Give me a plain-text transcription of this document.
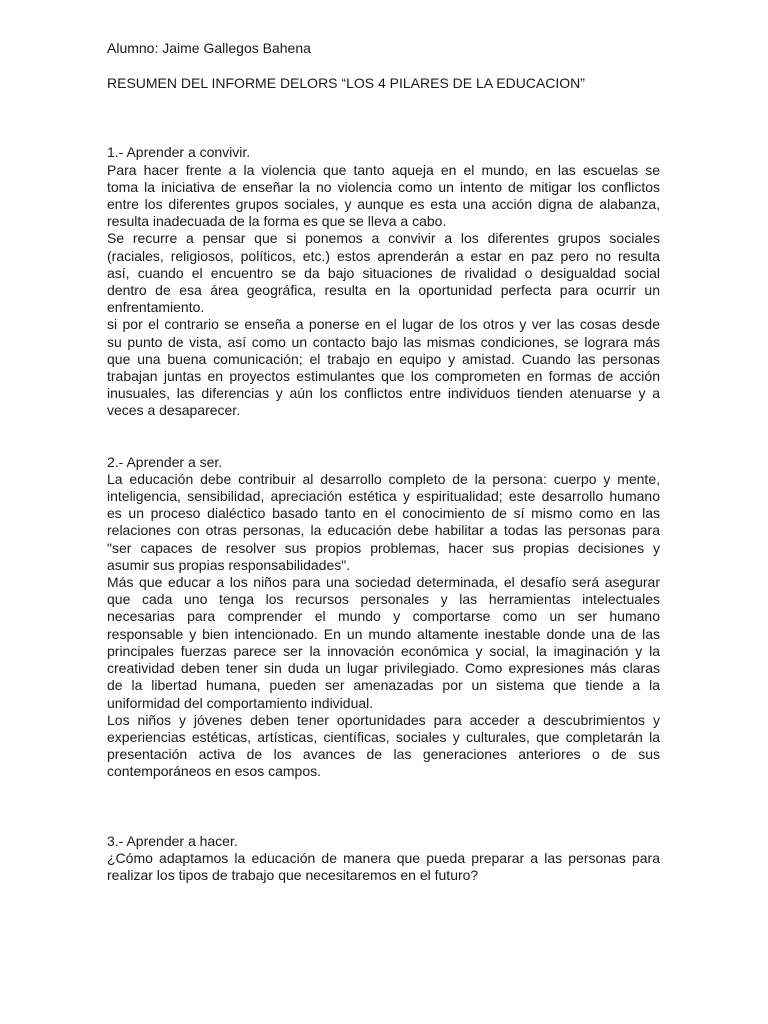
Alumno: Jaime Gallegos Bahena
RESUMEN DEL INFORME DELORS “LOS 4 PILARES DE LA EDUCACION”
1.- Aprender a convivir.
Para hacer frente a la violencia que tanto aqueja en el mundo, en las escuelas se
toma la iniciativa de enseñar la no violencia como un intento de mitigar los conflictos
entre los diferentes grupos sociales, y aunque es esta una acción digna de alabanza,
resulta inadecuada de la forma es que se lleva a cabo.
Se recurre a pensar que si ponemos a convivir a los diferentes grupos sociales
(raciales, religiosos, políticos, etc.) estos aprenderán a estar en paz pero no resulta
así, cuando el encuentro se da bajo situaciones de rivalidad o desigualdad social
dentro de esa área geográfica, resulta en la oportunidad perfecta para ocurrir un
enfrentamiento.
si por el contrario se enseña a ponerse en el lugar de los otros y ver las cosas desde
su punto de vista, así como un contacto bajo las mismas condiciones, se lograra más
que una buena comunicación; el trabajo en equipo y amistad. Cuando las personas
trabajan juntas en proyectos estimulantes que los comprometen en formas de acción
inusuales, las diferencias y aún los conflictos entre individuos tienden atenuarse y a
veces a desaparecer.
2.- Aprender a ser.
La educación debe contribuir al desarrollo completo de la persona: cuerpo y mente,
inteligencia, sensibilidad, apreciación estética y espiritualidad; este desarrollo humano
es un proceso dialéctico basado tanto en el conocimiento de sí mismo como en las
relaciones con otras personas, la educación debe habilitar a todas las personas para
"ser capaces de resolver sus propios problemas, hacer sus propias decisiones y
asumir sus propias responsabilidades".
Más que educar a los niños para una sociedad determinada, el desafío será asegurar
que cada uno tenga los recursos personales y las herramientas intelectuales
necesarias para comprender el mundo y comportarse como un ser humano
responsable y bien intencionado. En un mundo altamente inestable donde una de las
principales fuerzas parece ser la innovación económica y social, la imaginación y la
creatividad deben tener sin duda un lugar privilegiado. Como expresiones más claras
de la libertad humana, pueden ser amenazadas por un sistema que tiende a la
uniformidad del comportamiento individual.
Los niños y jóvenes deben tener oportunidades para acceder a descubrimientos y
experiencias estéticas, artísticas, científicas, sociales y culturales, que completarán la
presentación activa de los avances de las generaciones anteriores o de sus
contemporáneos en esos campos.
3.- Aprender a hacer.
¿Cómo adaptamos la educación de manera que pueda preparar a las personas para
realizar los tipos de trabajo que necesitaremos en el futuro?
